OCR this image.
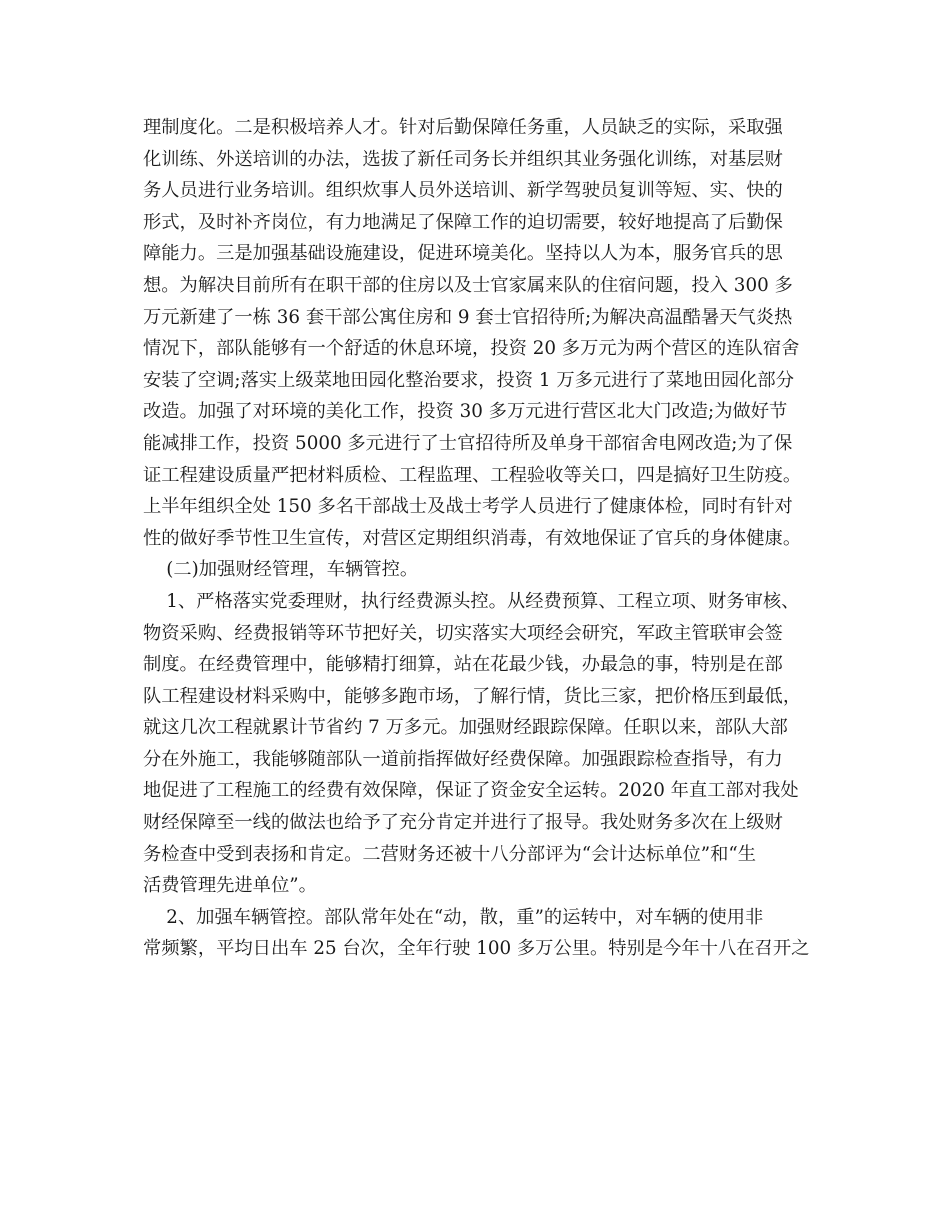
理制度化。二是积极培养人才。针对后勤保障任务重，人员缺乏的实际，采取强
化训练、外送培训的办法，选拔了新任司务长并组织其业务强化训练，对基层财
务人员进行业务培训。组织炊事人员外送培训、新学驾驶员复训等短、实、快的
形式，及时补齐岗位，有力地满足了保障工作的迫切需要，较好地提高了后勤保
障能力。三是加强基础设施建设，促进环境美化。坚持以人为本，服务官兵的思
想。为解决目前所有在职干部的住房以及士官家属来队的住宿问题，投入 300 多
万元新建了一栋 36 套干部公寓住房和 9 套士官招待所;为解决高温酷暑天气炎热
情况下，部队能够有一个舒适的休息环境，投资 20 多万元为两个营区的连队宿舍
安装了空调;落实上级菜地田园化整治要求，投资 1 万多元进行了菜地田园化部分
改造。加强了对环境的美化工作，投资 30 多万元进行营区北大门改造;为做好节
能减排工作，投资 5000 多元进行了士官招待所及单身干部宿舍电网改造;为了保
证工程建设质量严把材料质检、工程监理、工程验收等关口，四是搞好卫生防疫。
上半年组织全处 150 多名干部战士及战士考学人员进行了健康体检，同时有针对
性的做好季节性卫生宣传，对营区定期组织消毒，有效地保证了官兵的身体健康。
(二)加强财经管理，车辆管控。
1、严格落实党委理财，执行经费源头控。从经费预算、工程立项、财务审核、
物资采购、经费报销等环节把好关，切实落实大项经会研究，军政主管联审会签
制度。在经费管理中，能够精打细算，站在花最少钱，办最急的事，特别是在部
队工程建设材料采购中，能够多跑市场，了解行情，货比三家，把价格压到最低，
就这几次工程就累计节省约 7 万多元。加强财经跟踪保障。任职以来，部队大部
分在外施工，我能够随部队一道前指挥做好经费保障。加强跟踪检查指导，有力
地促进了工程施工的经费有效保障，保证了资金安全运转。2020 年直工部对我处
财经保障至一线的做法也给予了充分肯定并进行了报导。我处财务多次在上级财
务检查中受到表扬和肯定。二营财务还被十八分部评为“会计达标单位”和“生
活费管理先进单位”。
2、加强车辆管控。部队常年处在“动，散，重”的运转中，对车辆的使用非
常频繁，平均日出车 25 台次，全年行驶 100 多万公里。特别是今年十八在召开之
